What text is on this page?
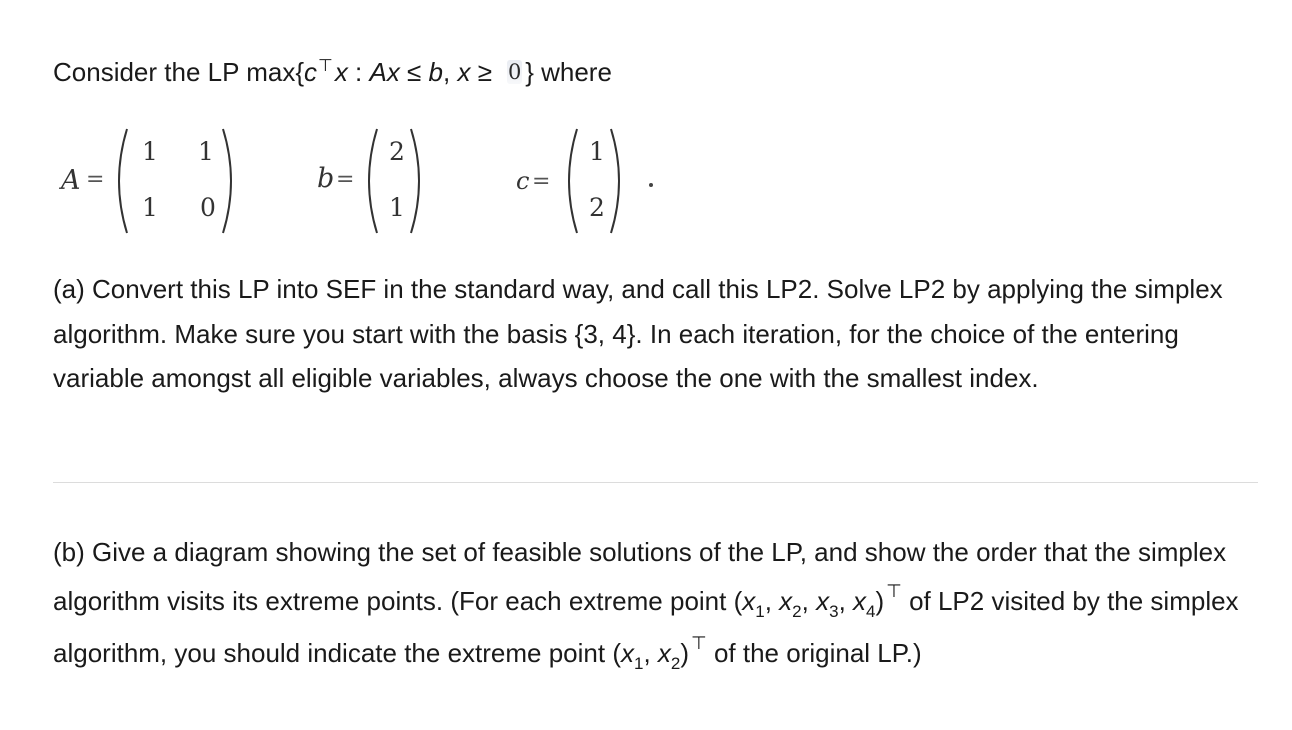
Consider the LP max{c⊤x : Ax ≤ b, x ≥ 0 } where
A =
1 1
1 0
b =
2
1
c =
1
2
(a) Convert this LP into SEF in the standard way, and call this LP2. Solve LP2 by applying the simplex algorithm. Make sure you start with the basis {3, 4}. In each iteration, for the choice of the entering variable amongst all eligible variables, always choose the one with the smallest index.
(b) Give a diagram showing the set of feasible solutions of the LP, and show the order that the simplex algorithm visits its extreme points. (For each extreme point ($x_1$, $x_2$, $x_3$, $x_4$) ⊤ of LP2 visited by the simplex algorithm, you should indicate the extreme point ($x_1$, $x_2$) ⊤ of the original LP.)
